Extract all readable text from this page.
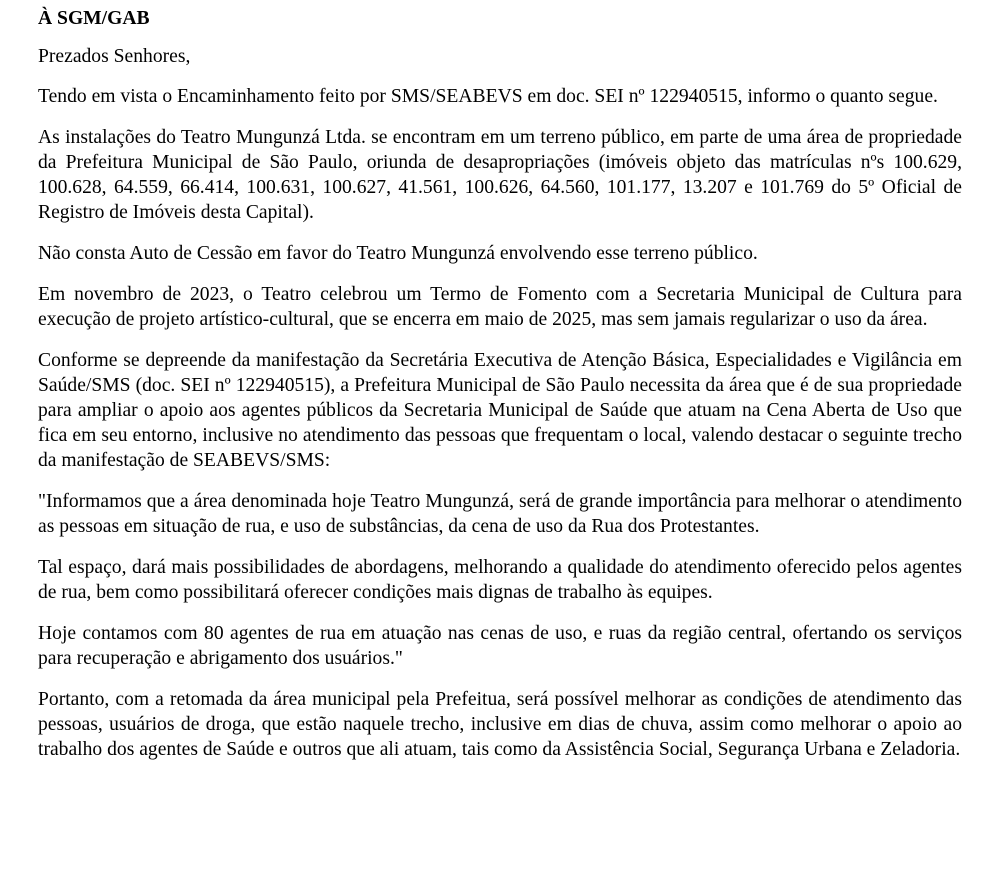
À SGM/GAB
Prezados Senhores,

Tendo em vista o Encaminhamento feito por SMS/SEABEVS em doc. SEI nº 122940515, informo o quanto segue.

As instalações do Teatro Mungunzá Ltda. se encontram em um terreno público, em parte de uma área de propriedade da Prefeitura Municipal de São Paulo, oriunda de desapropriações (imóveis objeto das matrículas nºs 100.629, 100.628, 64.559, 66.414, 100.631, 100.627, 41.561, 100.626, 64.560, 101.177, 13.207 e 101.769 do 5º Oficial de Registro de Imóveis desta Capital).

Não consta Auto de Cessão em favor do Teatro Mungunzá envolvendo esse terreno público.

Em novembro de 2023, o Teatro celebrou um Termo de Fomento com a Secretaria Municipal de Cultura para execução de projeto artístico-cultural, que se encerra em maio de 2025, mas sem jamais regularizar o uso da área.

Conforme se depreende da manifestação da Secretária Executiva de Atenção Básica, Especialidades e Vigilância em Saúde/SMS (doc. SEI nº 122940515), a Prefeitura Municipal de São Paulo necessita da área que é de sua propriedade para ampliar o apoio aos agentes públicos da Secretaria Municipal de Saúde que atuam na Cena Aberta de Uso que fica em seu entorno, inclusive no atendimento das pessoas que frequentam o local, valendo destacar o seguinte trecho da manifestação de SEABEVS/SMS:

"Informamos que a área denominada hoje Teatro Mungunzá, será de grande importância para melhorar o atendimento as pessoas em situação de rua, e uso de substâncias, da cena de uso da Rua dos Protestantes.

Tal espaço, dará mais possibilidades de abordagens, melhorando a qualidade do atendimento oferecido pelos agentes de rua, bem como possibilitará oferecer condições mais dignas de trabalho às equipes.

Hoje contamos com 80 agentes de rua em atuação nas cenas de uso, e ruas da região central, ofertando os serviços para recuperação e abrigamento dos usuários."

Portanto, com a retomada da área municipal pela Prefeitua, será possível melhorar as condições de atendimento das pessoas, usuários de droga, que estão naquele trecho, inclusive em dias de chuva, assim como melhorar o apoio ao trabalho dos agentes de Saúde e outros que ali atuam, tais como da Assistência Social, Segurança Urbana e Zeladoria.
